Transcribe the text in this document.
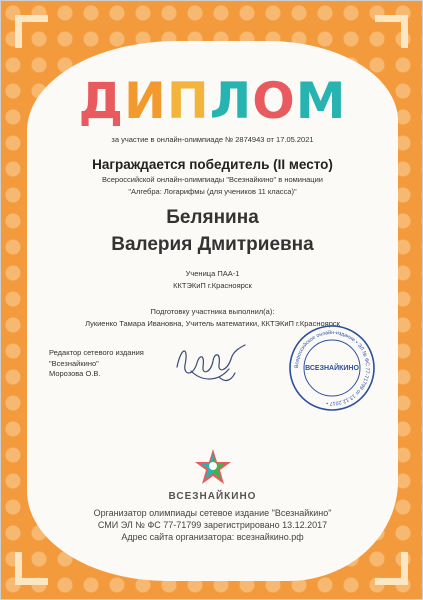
ДИПЛОМ
за участие в онлайн-олимпиаде № 2874943 от 17.05.2021
Награждается победитель (II место)
Всероссийской онлайн-олимпиады "Всезнайкино" в номинации
"Алгебра: Логарифмы (для учеников 11 класса)"
Белянина
Валерия Дмитриевна
Ученица ПАА-1
ККТЭКиП г.Красноярск
Подготовку участника выполнил(а):
Лукиенко Тамара Ивановна, Учитель математики, ККТЭКиП г.Красноярск
Редактор сетевого издания
"Всезнайкино"
Морозова О.В.
Всероссийское онлайн-издание • ЭЛ № ФС 77-71799 от 13.12.2017 •
ВСЕЗНАЙКИНО
ВСЕЗНАЙКИНО
Организатор олимпиады сетевое издание "Всезнайкино"
СМИ ЭЛ № ФС 77-71799 зарегистрировано 13.12.2017
Адрес сайта организатора: всезнайкино.рф
